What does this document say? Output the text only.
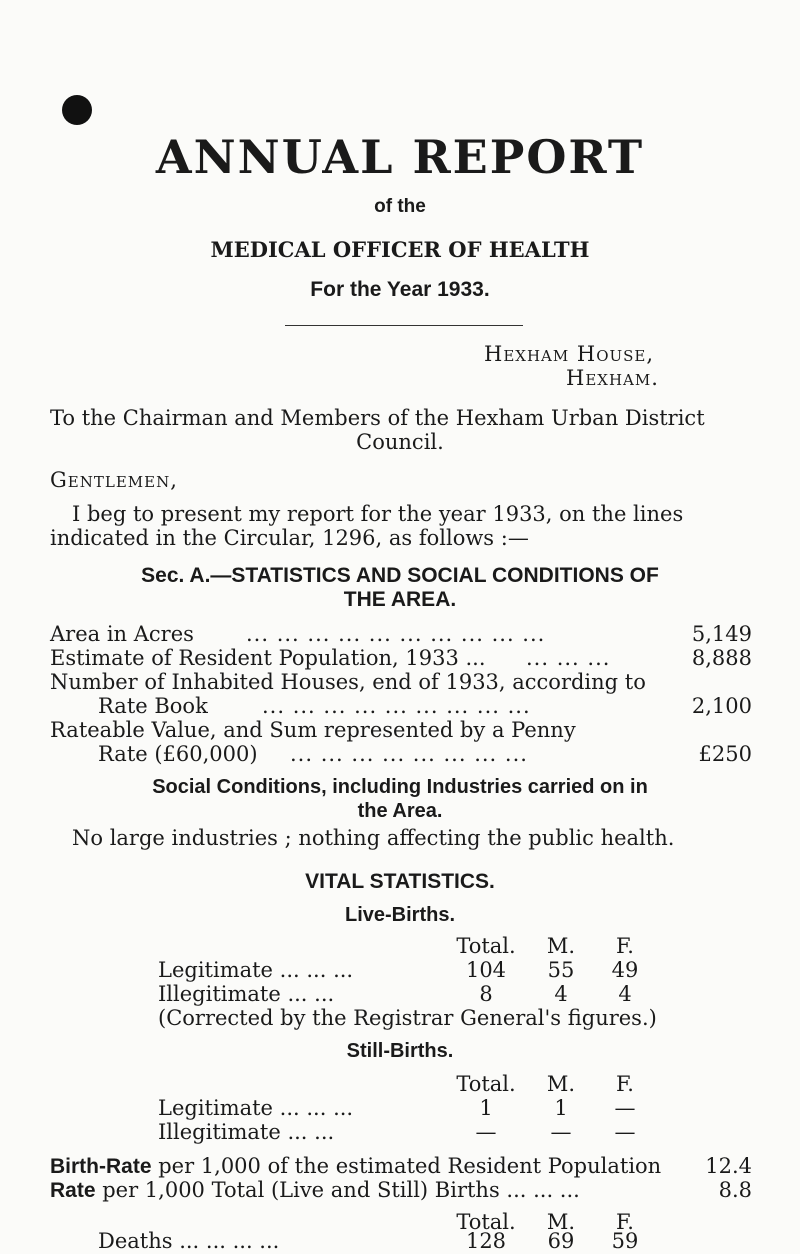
ANNUAL REPORT
of the
MEDICAL OFFICER OF HEALTH
For the Year 1933.
Hexham House,
Hexham.
To the Chairman and Members of the Hexham Urban District
Council.
Gentlemen,
I beg to present my report for the year 1933, on the lines
indicated in the Circular, 1296, as follows :—
Sec. A.—STATISTICS AND SOCIAL CONDITIONS OF
THE AREA.
Area in Acres ... ... ... ... ... ... ... ... ... ...	5,149
Estimate of Resident Population, 1933 ... ... ... ...	8,888
Number of Inhabited Houses, end of 1933, according to
Rate Book	... ... ... ... ... ... ... ... ...	2,100
Rateable Value, and Sum represented by a Penny
Rate (£60,000) ... ... ... ... ... ... ... ...	£250
Social Conditions, including Industries carried on in
the Area.
No large industries ; nothing affecting the public health.
VITAL STATISTICS.
Live-Births.
Total.	M.	F.
Legitimate ... ... ...	104	55	49
Illegitimate ... ...	8	4	4
(Corrected by the Registrar General's figures.)
Still-Births.
Total.	M.	F.
Legitimate ... ... ...	1	1	—
Illegitimate ... ...	—	—	—
Birth-Rate per 1,000 of the estimated Resident Population 12.4
Rate per 1,000 Total (Live and Still) Births ... ... ...	8.8
Total.	M.	F.
Deaths ... ... ... ...	128	69	59
